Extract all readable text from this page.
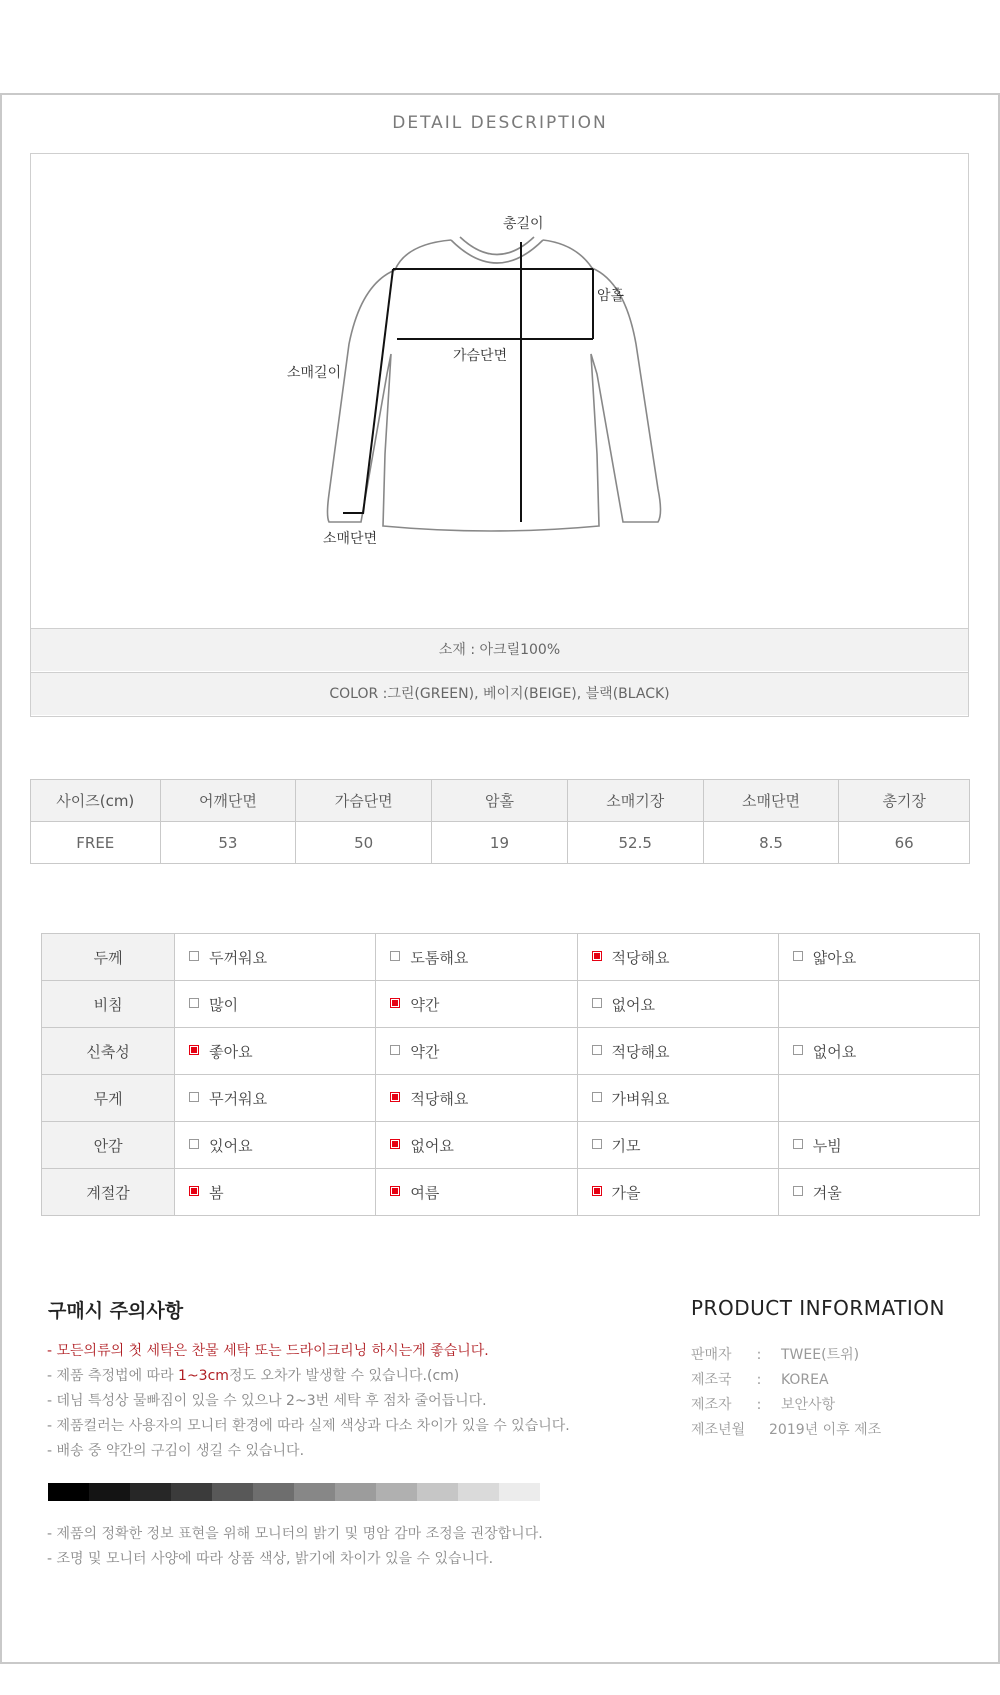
DETAIL DESCRIPTION
총길이
암홀
가슴단면
소매길이
소매단면
소재 : 아크릴100%
COLOR :그린(GREEN), 베이지(BEIGE), 블랙(BLACK)
사이즈(cm)	어깨단면	가슴단면	암홀	소매기장	소매단면	총기장
FREE	53	50	19	52.5	8.5	66
두께	두꺼워요	도톰해요	적당해요	얇아요
비침	많이	약간	없어요	
신축성	좋아요	약간	적당해요	없어요
무게	무거워요	적당해요	가벼워요	
안감	있어요	없어요	기모	누빔
계절감	봄	여름	가을	겨울
구매시 주의사항
- 모든의류의 첫 세탁은 찬물 세탁 또는 드라이크리닝 하시는게 좋습니다.
- 제품 측정법에 따라 1~3cm정도 오차가 발생할 수 있습니다.(cm)
- 데님 특성상 물빠짐이 있을 수 있으나 2~3번 세탁 후 점차 줄어듭니다.
- 제품컬러는 사용자의 모니터 환경에 따라 실제 색상과 다소 차이가 있을 수 있습니다.
- 배송 중 약간의 구김이 생길 수 있습니다.
PRODUCT INFORMATION
판매자 : TWEE(트위)
제조국 : KOREA
제조자 : 보안사항
제조년월 2019년 이후 제조
- 제품의 정확한 정보 표현을 위해 모니터의 밝기 및 명암 감마 조정을 권장합니다.
- 조명 및 모니터 사양에 따라 상품 색상, 밝기에 차이가 있을 수 있습니다.
